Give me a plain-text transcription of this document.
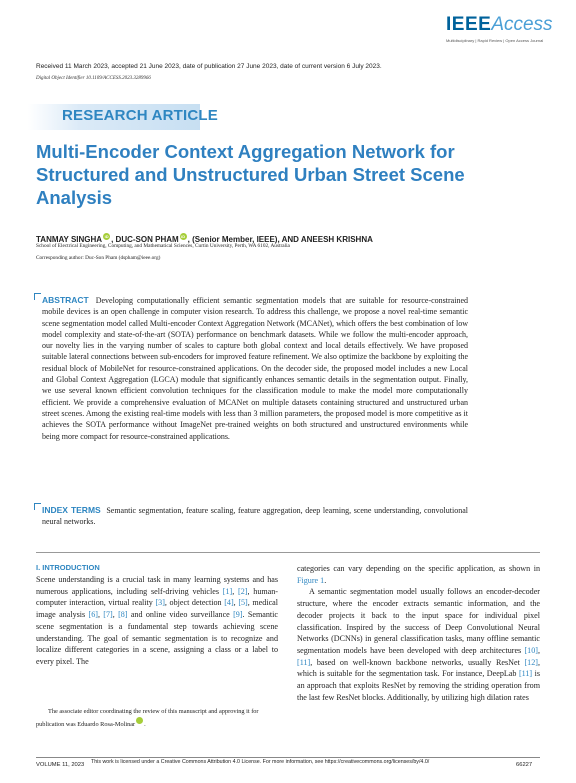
IEEEAccess
Multidisciplinary | Rapid Review | Open Access Journal
Received 11 March 2023, accepted 21 June 2023, date of publication 27 June 2023, date of current version 6 July 2023.
Digital Object Identifier 10.1109/ACCESS.2023.3289966
RESEARCH ARTICLE
Multi-Encoder Context Aggregation Network for Structured and Unstructured Urban Street Scene Analysis
TANMAY SINGHA iD , DUC-SON PHAM iD , (Senior Member, IEEE), AND ANEESH KRISHNA
School of Electrical Engineering, Computing, and Mathematical Sciences, Curtin University, Perth, WA 6102, Australia
Corresponding author: Duc-Son Pham (dspham@ieee.org)
ABSTRACT Developing computationally efficient semantic segmentation models that are suitable for resource-constrained mobile devices is an open challenge in computer vision research. To address this challenge, we propose a novel real-time semantic scene segmentation model called Multi-encoder Context Aggregation Network (MCANet), which offers the best combination of low model complexity and state-of-the-art (SOTA) performance on benchmark datasets. While we follow the multi-encoder approach, our novelty lies in the varying number of scales to capture both global context and local details effectively. We have proposed suitable lateral connections between sub-encoders for improved feature refinement. We also optimize the backbone by exploiting the residual block of MobileNet for resource-constrained applications. On the decoder side, the proposed model includes a new Local and Global Context Aggregation (LGCA) module that significantly enhances semantic details in the segmentation output. Finally, we use several known efficient convolution techniques for the classification module to make the model more computationally efficient. We provide a comprehensive evaluation of MCANet on multiple datasets containing structured and unstructured urban street scenes. Among the existing real-time models with less than 3 million parameters, the proposed model is more competitive as it achieves the SOTA performance without ImageNet pre-trained weights on both structured and unstructured environments while being more compact for resource-constrained applications.
INDEX TERMS Semantic segmentation, feature scaling, feature aggregation, deep learning, scene understanding, convolutional neural networks.
I. INTRODUCTION
Scene understanding is a crucial task in many learning systems and has numerous applications, including self-driving vehicles [1], [2], human-computer interaction, virtual reality [3], object detection [4], [5], medical image analysis [6], [7], [8] and online video surveillance [9]. Semantic scene segmentation is a fundamental step towards achieving scene understanding. The goal of semantic segmentation is to recognize and localize different categories in a scene, assigning a class or a label to every pixel. The
categories can vary depending on the specific application, as shown in Figure 1.
A semantic segmentation model usually follows an encoder-decoder structure, where the encoder extracts semantic information, and the decoder projects it back to the input space for individual pixel classification. Inspired by the success of Deep Convolutional Neural Networks (DCNNs) in general classification tasks, many offline semantic segmentation models have been developed with deep architectures [10], [11], based on well-known backbone networks, usually ResNet [12], which is suitable for the segmentation task. For instance, DeepLab [11] is an approach that exploits ResNet by removing the striding operation from the last few ResNet blocks. Additionally, by utilizing high dilation rates
The associate editor coordinating the review of this manuscript and approving it for publication was Eduardo Rosa-MolinariD.
VOLUME 11, 2023 This work is licensed under a Creative Commons Attribution 4.0 License. For more information, see https://creativecommons.org/licenses/by/4.0/	66227
